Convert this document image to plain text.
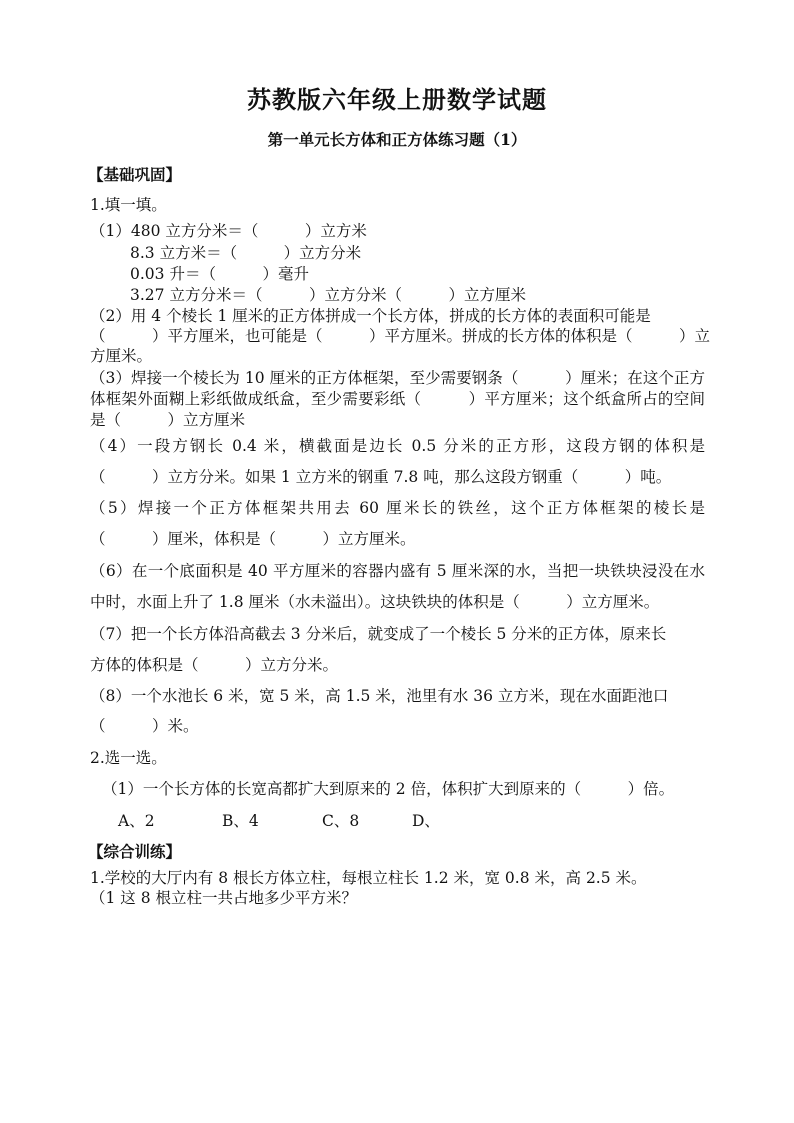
苏教版六年级上册数学试题
第一单元长方体和正方体练习题（1）
【基础巩固】
1.填一填。
（1）480 立方分米＝（　　　）立方米
8.3 立方米＝（　　　）立方分米
0.03 升＝（　　　）毫升
3.27 立方分米＝（　　　）立方分米（　　　）立方厘米
（2）用 4 个棱长 1 厘米的正方体拼成一个长方体，拼成的长方体的表面积可能是
（　　　）平方厘米，也可能是（　　　）平方厘米。拼成的长方体的体积是（　　　）立
方厘米。
（3）焊接一个棱长为 10 厘米的正方体框架，至少需要钢条（　　　）厘米；在这个正方
体框架外面糊上彩纸做成纸盒，至少需要彩纸（　　　）平方厘米；这个纸盒所占的空间
是（　　　）立方厘米
（4）一段方钢长 0.4 米，横截面是边长 0.5 分米的正方形，这段方钢的体积是
（　　　）立方分米。如果 1 立方米的钢重 7.8 吨，那么这段方钢重（　　　）吨。
（5）焊接一个正方体框架共用去 60 厘米长的铁丝，这个正方体框架的棱长是
（　　　）厘米，体积是（　　　）立方厘米。
（6）在一个底面积是 40 平方厘米的容器内盛有 5 厘米深的水，当把一块铁块浸没在水
中时，水面上升了 1.8 厘米（水未溢出）。这块铁块的体积是（　　　）立方厘米。
（7）把一个长方体沿高截去 3 分米后，就变成了一个棱长 5 分米的正方体，原来长
方体的体积是（　　　）立方分米。
（8）一个水池长 6 米，宽 5 米，高 1.5 米，池里有水 36 立方米，现在水面距池口
（　　　）米。
2.选一选。
（1）一个长方体的长宽高都扩大到原来的 2 倍，体积扩大到原来的（　　　）倍。
A、2	B、4	C、8	D、
【综合训练】
1.学校的大厅内有 8 根长方体立柱，每根立柱长 1.2 米，宽 0.8 米，高 2.5 米。
（1 这 8 根立柱一共占地多少平方米？
